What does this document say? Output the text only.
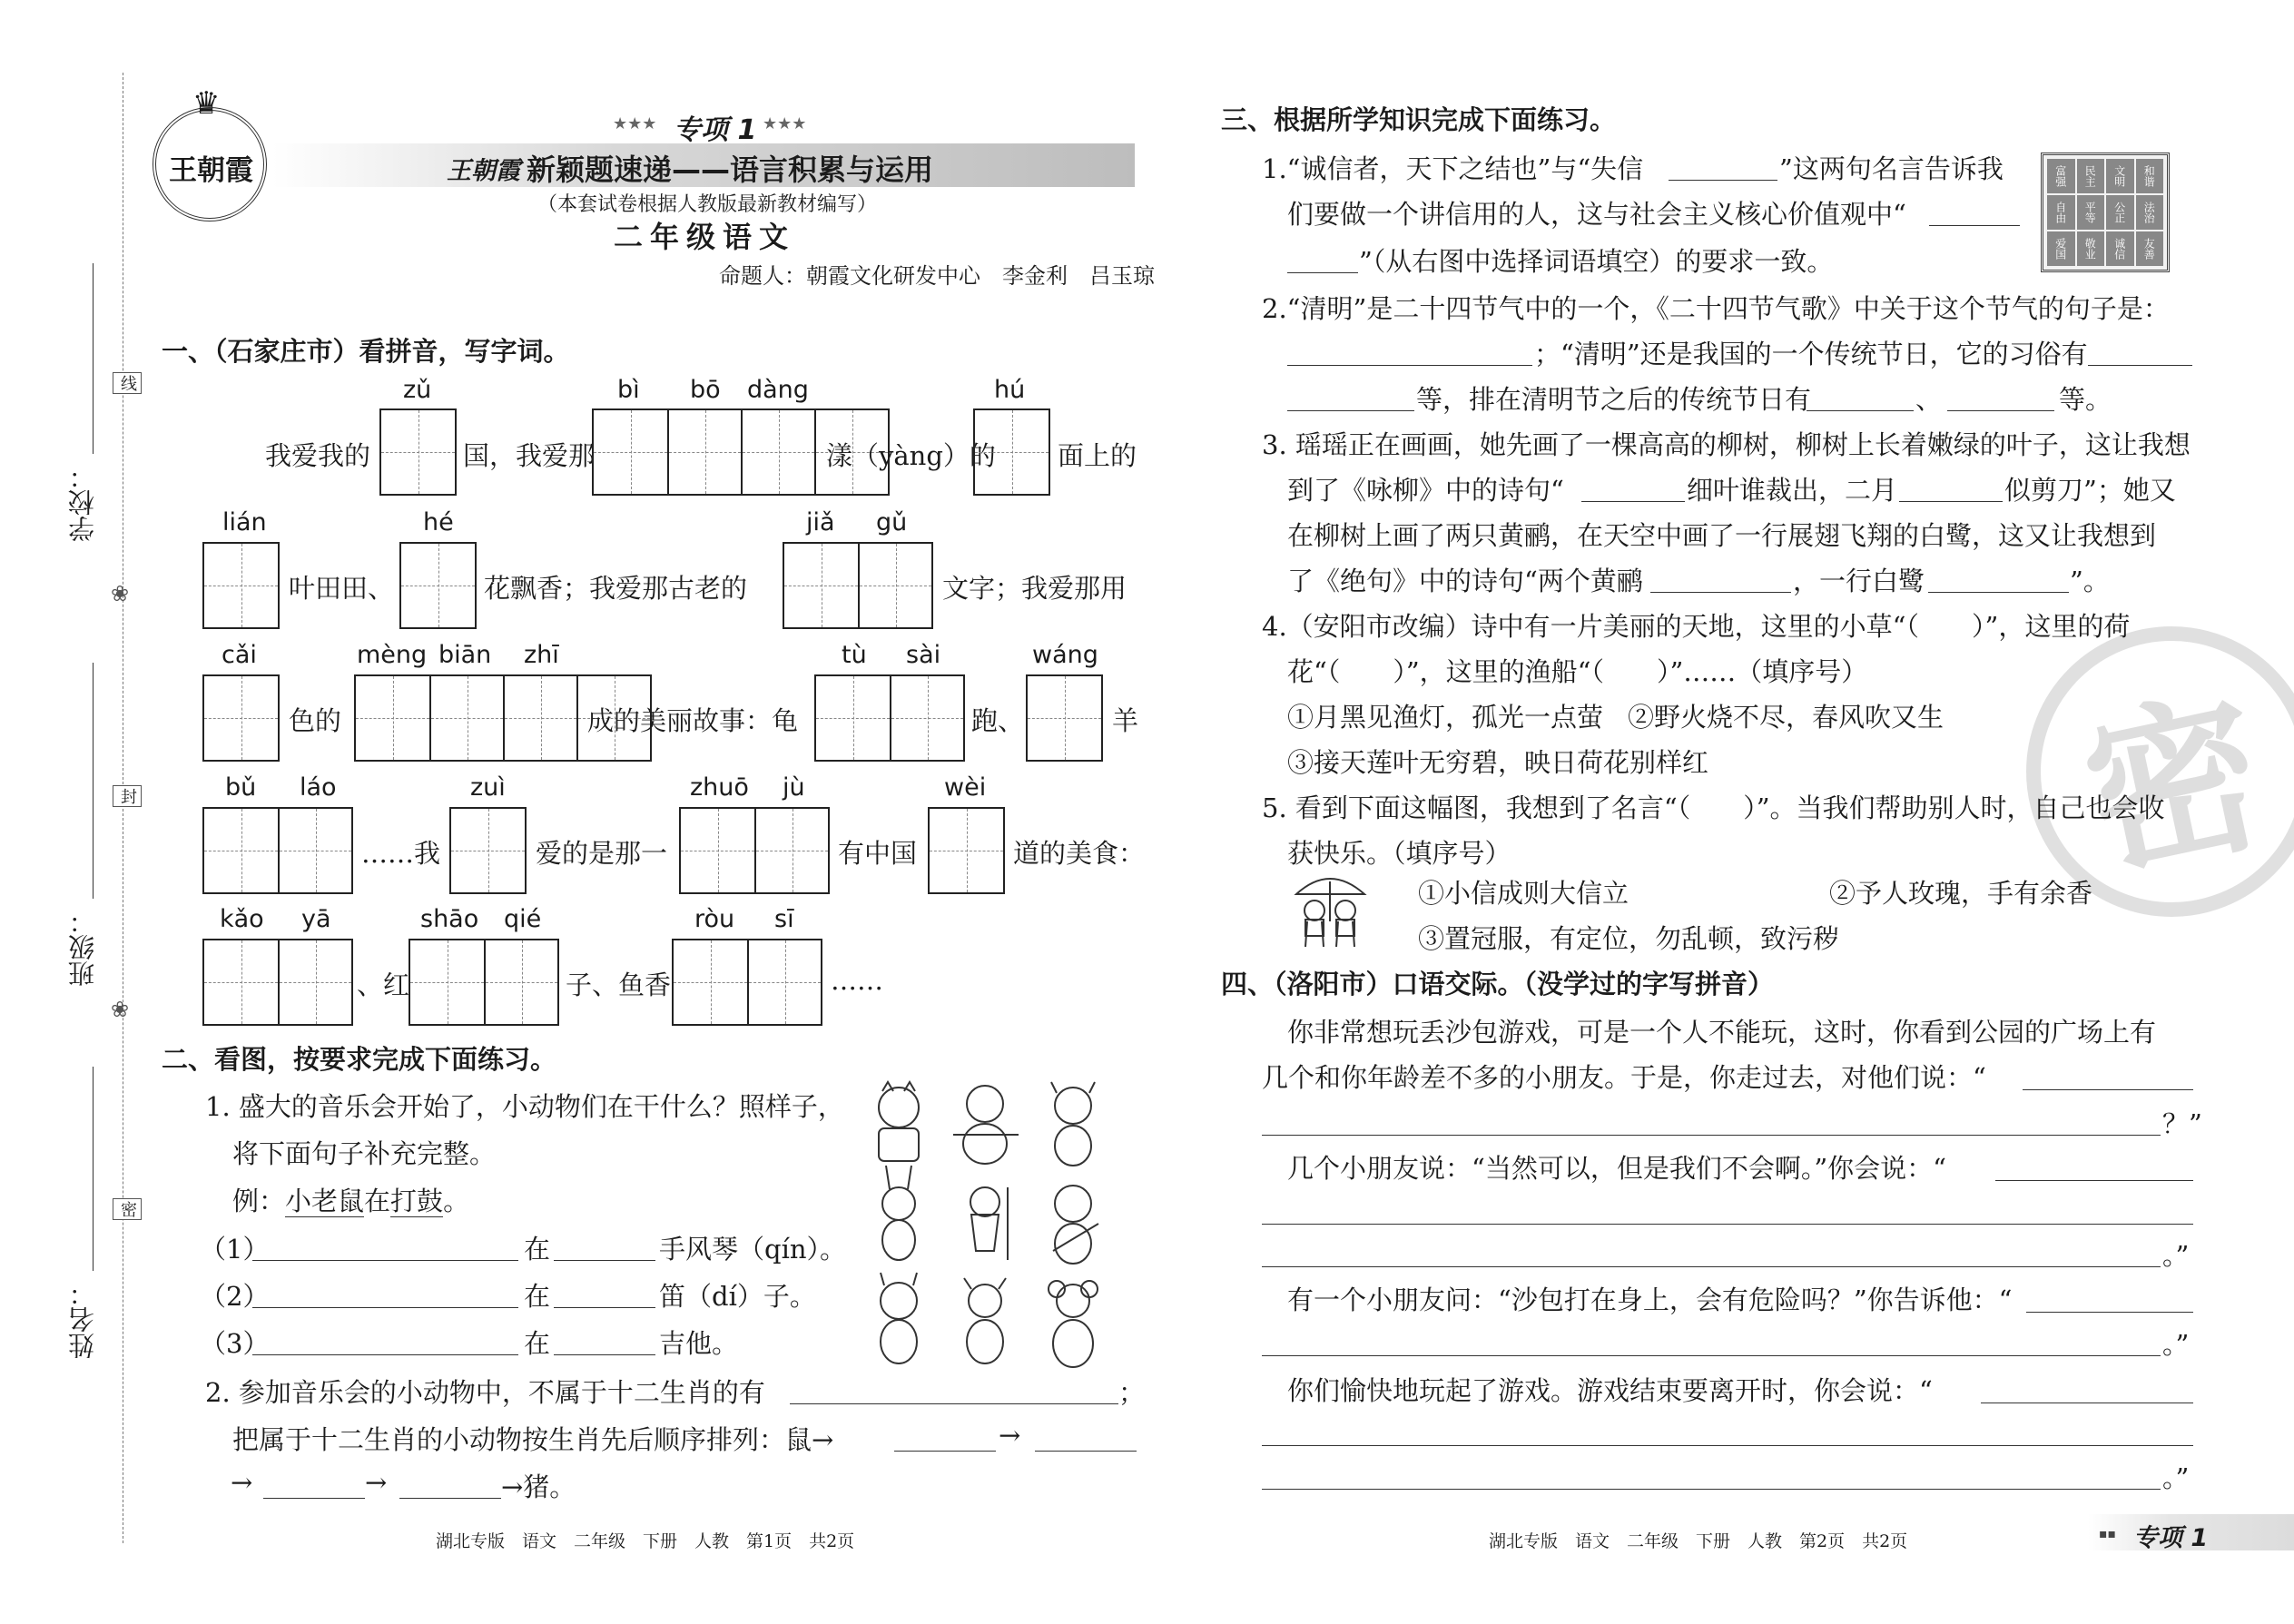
学校：
班级：
姓名：
线
封
密
❀
❀
王朝霞
♛
★★★ 专项 1 ★★★
王朝霞 新颖题速递——语言积累与运用
（本套试卷根据人教版最新教材编写）
二年级语文
命题人：朝霞文化研发中心　李金利　吕玉琼
一、（石家庄市）看拼音，写字词。
zǔ	bì bō dàng	hú
我爱我的	国，我爱那	漾（yàng）的 面上的
lián	hé	jiǎ gǔ
叶田田、	花飘香；我爱那古老的	文字；我爱那用
cǎi	mèng biān zhī	tù sài	wáng
色的	成的美丽故事：龟	跑、	羊
bǔ láo	zuì	zhuō jù	wèi
……我	爱的是那一	有中国	道的美食：
kǎo yā	shāo qié	ròu sī
、红	子、鱼香	……
二、看图，按要求完成下面练习。
1. 盛大的音乐会开始了，小动物们在干什么？照样子，
将下面句子补充完整。
例：小老鼠在打鼓。
（1）	在	手风琴（qín）。
（2）	在	笛（dí）子。
（3）	在	吉他。
2. 参加音乐会的小动物中，不属于十二生肖的有	；
把属于十二生肖的小动物按生肖先后顺序排列：鼠→	→
→	→	→猪。
三、根据所学知识完成下面练习。
1.“诚信者，天下之结也”与“失信	”这两句名言告诉我
们要做一个讲信用的人，这与社会主义核心价值观中“
”（从右图中选择词语填空）的要求一致。
富强	民主	文明	和谐
自由	平等	公正	法治
爱国	敬业	诚信	友善
2.“清明”是二十四节气中的一个，《二十四节气歌》中关于这个节气的句子是：
；“清明”还是我国的一个传统节日，它的习俗有
等，排在清明节之后的传统节日有	、	等。
3. 瑶瑶正在画画，她先画了一棵高高的柳树，柳树上长着嫩绿的叶子，这让我想
到了《咏柳》中的诗句“	细叶谁裁出，二月	似剪刀”；她又
在柳树上画了两只黄鹂，在天空中画了一行展翅飞翔的白鹭，这又让我想到
了《绝句》中的诗句“两个黄鹂	，一行白鹭	”。
4.（安阳市改编）诗中有一片美丽的天地，这里的小草“（　　）”，这里的荷
花“（　　）”，这里的渔船“（　　）”……（填序号）
①月黑见渔灯，孤光一点萤 ②野火烧不尽，春风吹又生
③接天莲叶无穷碧，映日荷花别样红
5. 看到下面这幅图，我想到了名言“（　　）”。当我们帮助别人时，自己也会收
获快乐。（填序号）
①小信成则大信立	②予人玫瑰，手有余香
③置冠服，有定位，勿乱顿，致污秽
四、（洛阳市）口语交际。（没学过的字写拼音）
你非常想玩丢沙包游戏，可是一个人不能玩，这时，你看到公园的广场上有
几个和你年龄差不多的小朋友。于是，你走过去，对他们说：“
？”
几个小朋友说：“当然可以，但是我们不会啊。”你会说：“
。”
有一个小朋友问：“沙包打在身上，会有危险吗？”你告诉他：“
。”
你们愉快地玩起了游戏。游戏结束要离开时，你会说：“
。”
密
湖北专版　语文　二年级　下册　人教　第1页　共2页	湖北专版　语文　二年级　下册　人教　第2页　共2页	▪▪ 专项 1
